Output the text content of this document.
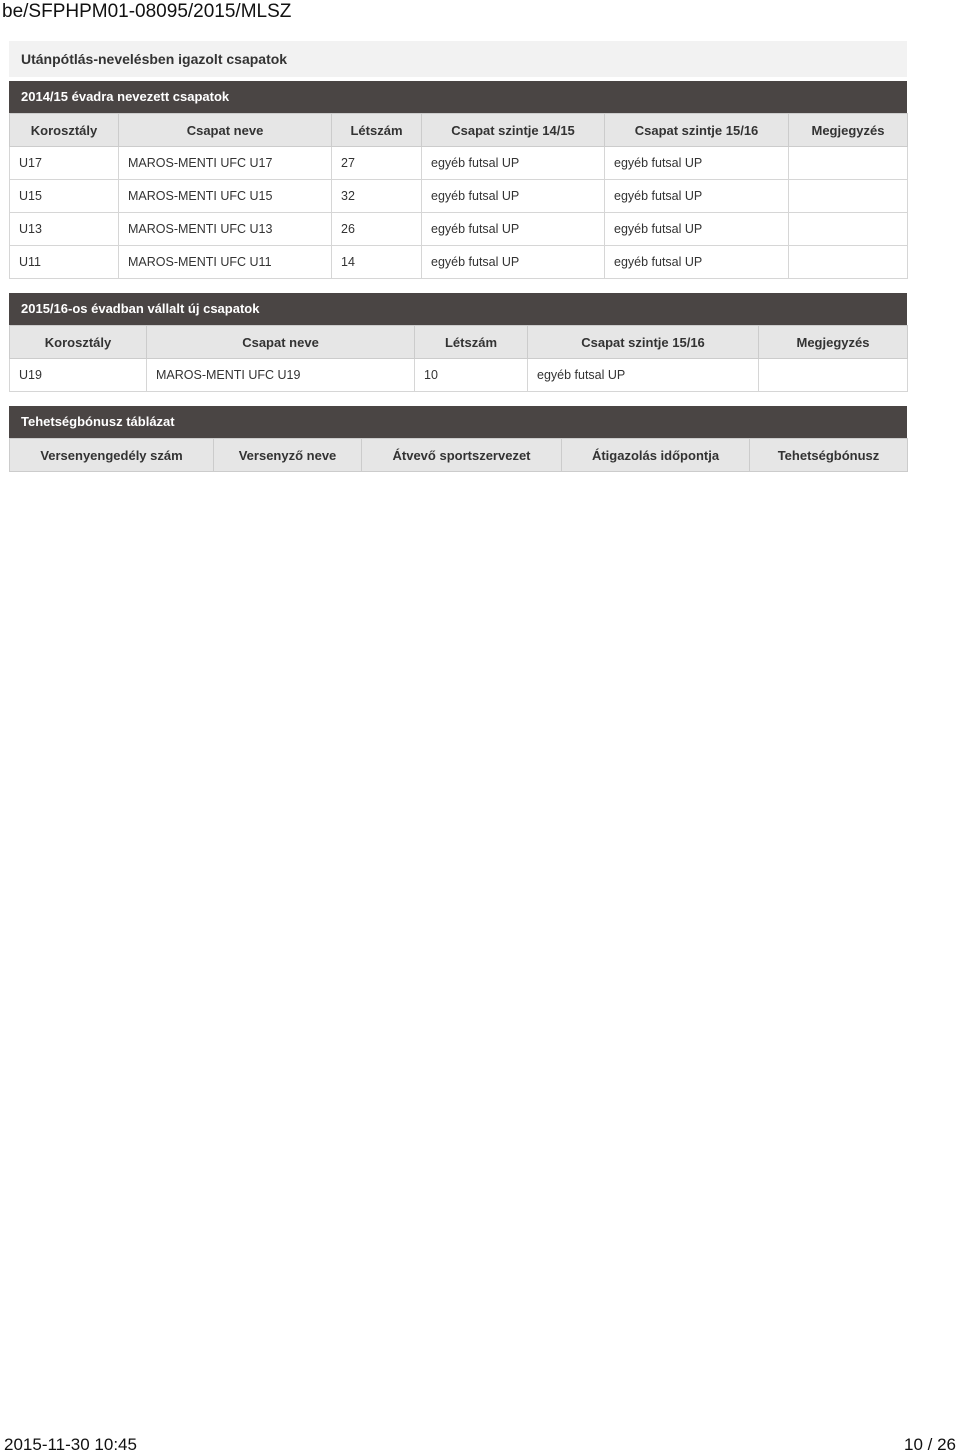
be/SFPHPM01-08095/2015/MLSZ
Utánpótlás-nevelésben igazolt csapatok
2014/15 évadra nevezett csapatok
Korosztály	Csapat neve	Létszám	Csapat szintje 14/15	Csapat szintje 15/16	Megjegyzés
U17	MAROS-MENTI UFC U17	27	egyéb futsal UP	egyéb futsal UP	
U15	MAROS-MENTI UFC U15	32	egyéb futsal UP	egyéb futsal UP	
U13	MAROS-MENTI UFC U13	26	egyéb futsal UP	egyéb futsal UP	
U11	MAROS-MENTI UFC U11	14	egyéb futsal UP	egyéb futsal UP	
2015/16-os évadban vállalt új csapatok
Korosztály	Csapat neve	Létszám	Csapat szintje 15/16	Megjegyzés
U19	MAROS-MENTI UFC U19	10	egyéb futsal UP	
Tehetségbónusz táblázat
Versenyengedély szám	Versenyző neve	Átvevő sportszervezet	Átigazolás időpontja	Tehetségbónusz
2015-11-30 10:45	10 / 26
